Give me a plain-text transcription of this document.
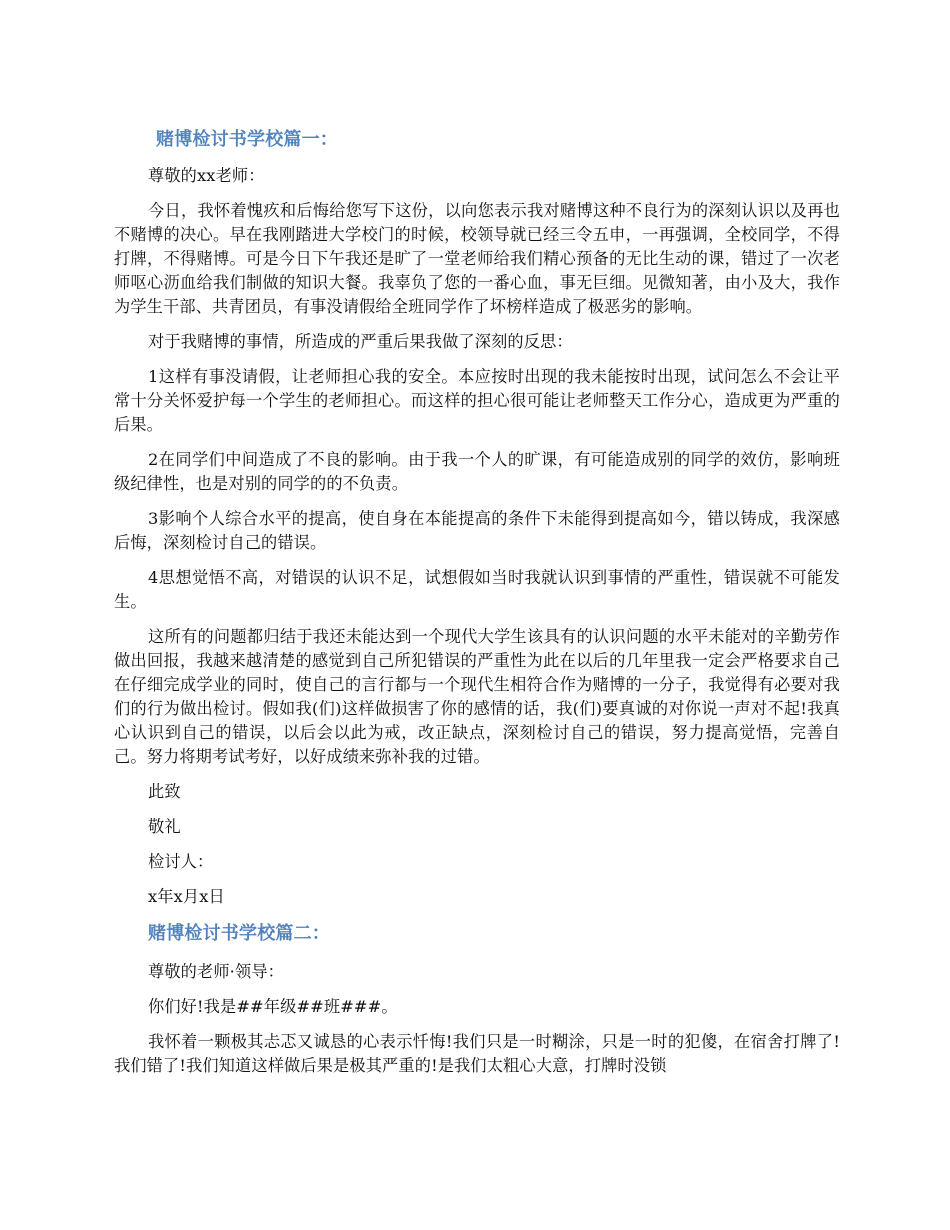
赌博检讨书学校篇一：

尊敬的xx老师：

今日，我怀着愧疚和后悔给您写下这份，以向您表示我对赌博这种不良行为的深刻认识以及再也不赌博的决心。早在我刚踏进大学校门的时候，校领导就已经三令五申，一再强调，全校同学，不得打牌，不得赌博。可是今日下午我还是旷了一堂老师给我们精心预备的无比生动的课，错过了一次老师呕心沥血给我们制做的知识大餐。我辜负了您的一番心血，事无巨细。见微知著，由小及大，我作为学生干部、共青团员，有事没请假给全班同学作了坏榜样造成了极恶劣的影响。

对于我赌博的事情，所造成的严重后果我做了深刻的反思：

1这样有事没请假，让老师担心我的安全。本应按时出现的我未能按时出现，试问怎么不会让平常十分关怀爱护每一个学生的老师担心。而这样的担心很可能让老师整天工作分心，造成更为严重的后果。

2在同学们中间造成了不良的影响。由于我一个人的旷课，有可能造成别的同学的效仿，影响班级纪律性，也是对别的同学的的不负责。

3影响个人综合水平的提高，使自身在本能提高的条件下未能得到提高如今，错以铸成，我深感后悔，深刻检讨自己的错误。

4思想觉悟不高，对错误的认识不足，试想假如当时我就认识到事情的严重性，错误就不可能发生。

这所有的问题都归结于我还未能达到一个现代大学生该具有的认识问题的水平未能对的辛勤劳作做出回报，我越来越清楚的感觉到自己所犯错误的严重性为此在以后的几年里我一定会严格要求自己在仔细完成学业的同时，使自己的言行都与一个现代生相符合作为赌博的一分子，我觉得有必要对我们的行为做出检讨。假如我(们)这样做损害了你的感情的话，我(们)要真诚的对你说一声对不起!我真心认识到自己的错误，以后会以此为戒，改正缺点，深刻检讨自己的错误，努力提高觉悟，完善自己。努力将期考试考好，以好成绩来弥补我的过错。

此致

敬礼

检讨人：

x年x月x日

赌博检讨书学校篇二：

尊敬的老师·领导：

你们好!我是##年级##班###。

我怀着一颗极其忐忑又诚恳的心表示忏悔!我们只是一时糊涂，只是一时的犯傻，在宿舍打牌了!我们错了!我们知道这样做后果是极其严重的!是我们太粗心大意，打牌时没锁
